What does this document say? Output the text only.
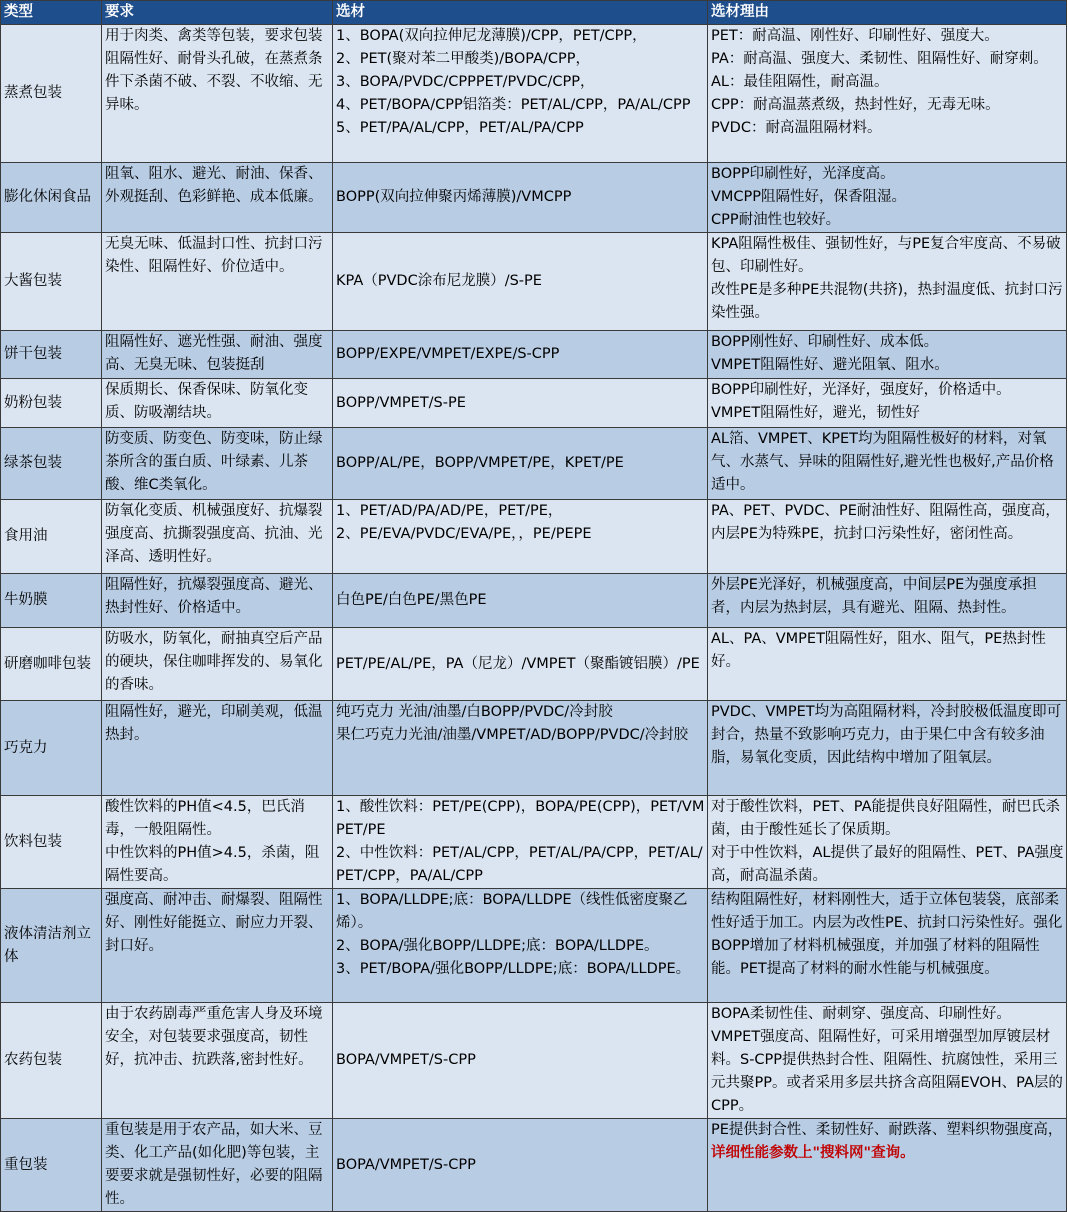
类型	要求	选材	选材理由
蒸煮包装	用于肉类、禽类等包装，要求包装阻隔性好、耐骨头孔破，在蒸煮条件下杀菌不破、不裂、不收缩、无异味。	1、BOPA(双向拉伸尼龙薄膜)/CPP，PET/CPP，
2、PET(聚对苯二甲酸类)/BOPA/CPP，
3、BOPA/PVDC/CPPPET/PVDC/CPP，
4、PET/BOPA/CPP铝箔类：PET/AL/CPP，PA/AL/CPP
5、PET/PA/AL/CPP，PET/AL/PA/CPP	PET：耐高温、刚性好、印刷性好、强度大。
PA：耐高温、强度大、柔韧性、阻隔性好、耐穿刺。
AL：最佳阻隔性，耐高温。
CPP：耐高温蒸煮级，热封性好，无毒无味。
PVDC：耐高温阻隔材料。

膨化休闲食品	阻氧、阻水、避光、耐油、保香、外观挺刮、色彩鲜艳、成本低廉。	BOPP(双向拉伸聚丙烯薄膜)/VMCPP	BOPP印刷性好，光泽度高。
VMCPP阻隔性好，保香阻湿。
CPP耐油性也较好。

大酱包装	无臭无味、低温封口性、抗封口污染性、阻隔性好、价位适中。	KPA（PVDC涂布尼龙膜）/S-PE	KPA阻隔性极佳、强韧性好，与PE复合牢度高、不易破包、印刷性好。
改性PE是多种PE共混物(共挤)，热封温度低、抗封口污染性强。

饼干包装	阻隔性好、遮光性强、耐油、强度高、无臭无味、包装挺刮	BOPP/EXPE/VMPET/EXPE/S-CPP	BOPP刚性好、印刷性好、成本低。
VMPET阻隔性好、避光阻氧、阻水。

奶粉包装	保质期长、保香保味、防氧化变质、防吸潮结块。	BOPP/VMPET/S-PE	BOPP印刷性好，光泽好，强度好，价格适中。
VMPET阻隔性好，避光，韧性好

绿茶包装	防变质、防变色、防变味，防止绿茶所含的蛋白质、叶绿素、儿茶酸、维C类氧化。	BOPP/AL/PE，BOPP/VMPET/PE，KPET/PE	AL箔、VMPET、KPET均为阻隔性极好的材料，对氧气、水蒸气、异味的阻隔性好,避光性也极好,产品价格适中。

食用油	防氧化变质、机械强度好、抗爆裂强度高、抗撕裂强度高、抗油、光泽高、透明性好。	1、PET/AD/PA/AD/PE，PET/PE，
2、PE/EVA/PVDC/EVA/PE，，PE/PEPE	PA、PET、PVDC、PE耐油性好、阻隔性高，强度高，内层PE为特殊PE，抗封口污染性好，密闭性高。

牛奶膜	阻隔性好，抗爆裂强度高、避光、热封性好、价格适中。	白色PE/白色PE/黑色PE	外层PE光泽好，机械强度高，中间层PE为强度承担者，内层为热封层，具有避光、阻隔、热封性。

研磨咖啡包装	防吸水，防氧化，耐抽真空后产品的硬块，保住咖啡挥发的、易氧化的香味。	PET/PE/AL/PE，PA（尼龙）/VMPET（聚酯镀铝膜）/PE	AL、PA、VMPET阻隔性好，阻水、阻气，PE热封性好。

巧克力	阻隔性好，避光，印刷美观，低温热封。	纯巧克力 光油/油墨/白BOPP/PVDC/冷封胶
果仁巧克力光油/油墨/VMPET/AD/BOPP/PVDC/冷封胶	PVDC、VMPET均为高阻隔材料，冷封胶极低温度即可封合，热量不致影响巧克力，由于果仁中含有较多油脂，易氧化变质，因此结构中增加了阻氧层。

饮料包装	酸性饮料的PH值<4.5，巴氏消毒，一般阻隔性。
中性饮料的PH值>4.5，杀菌，阻隔性要高。	1、酸性饮料：PET/PE(CPP)，BOPA/PE(CPP)，PET/VMPET/PE
2、中性饮料：PET/AL/CPP，PET/AL/PA/CPP，PET/AL/PET/CPP，PA/AL/CPP	对于酸性饮料，PET、PA能提供良好阻隔性，耐巴氏杀菌，由于酸性延长了保质期。
对于中性饮料，AL提供了最好的阻隔性、PET、PA强度高，耐高温杀菌。

液体清洁剂立体	强度高、耐冲击、耐爆裂、阻隔性好、刚性好能挺立、耐应力开裂、封口好。	1、BOPA/LLDPE;底：BOPA/LLDPE（线性低密度聚乙烯）。
2、BOPA/强化BOPP/LLDPE;底：BOPA/LLDPE。
3、PET/BOPA/强化BOPP/LLDPE;底：BOPA/LLDPE。	结构阻隔性好，材料刚性大，适于立体包装袋，底部柔性好适于加工。内层为改性PE、抗封口污染性好。强化BOPP增加了材料机械强度，并加强了材料的阻隔性能。PET提高了材料的耐水性能与机械强度。

农药包装	由于农药剧毒严重危害人身及环境安全，对包装要求强度高，韧性好，抗冲击、抗跌落,密封性好。	BOPA/VMPET/S-CPP	BOPA柔韧性佳、耐刺穿、强度高、印刷性好。
VMPET强度高、阻隔性好，可采用增强型加厚镀层材料。S-CPP提供热封合性、阻隔性、抗腐蚀性，采用三元共聚PP。或者采用多层共挤含高阻隔EVOH、PA层的CPP。

重包装	重包装是用于农产品，如大米、豆类、化工产品(如化肥)等包装，主要要求就是强韧性好，必要的阻隔性。	BOPA/VMPET/S-CPP	PE提供封合性、柔韧性好、耐跌落、塑料织物强度高，详细性能参数上"搜料网"查询。
